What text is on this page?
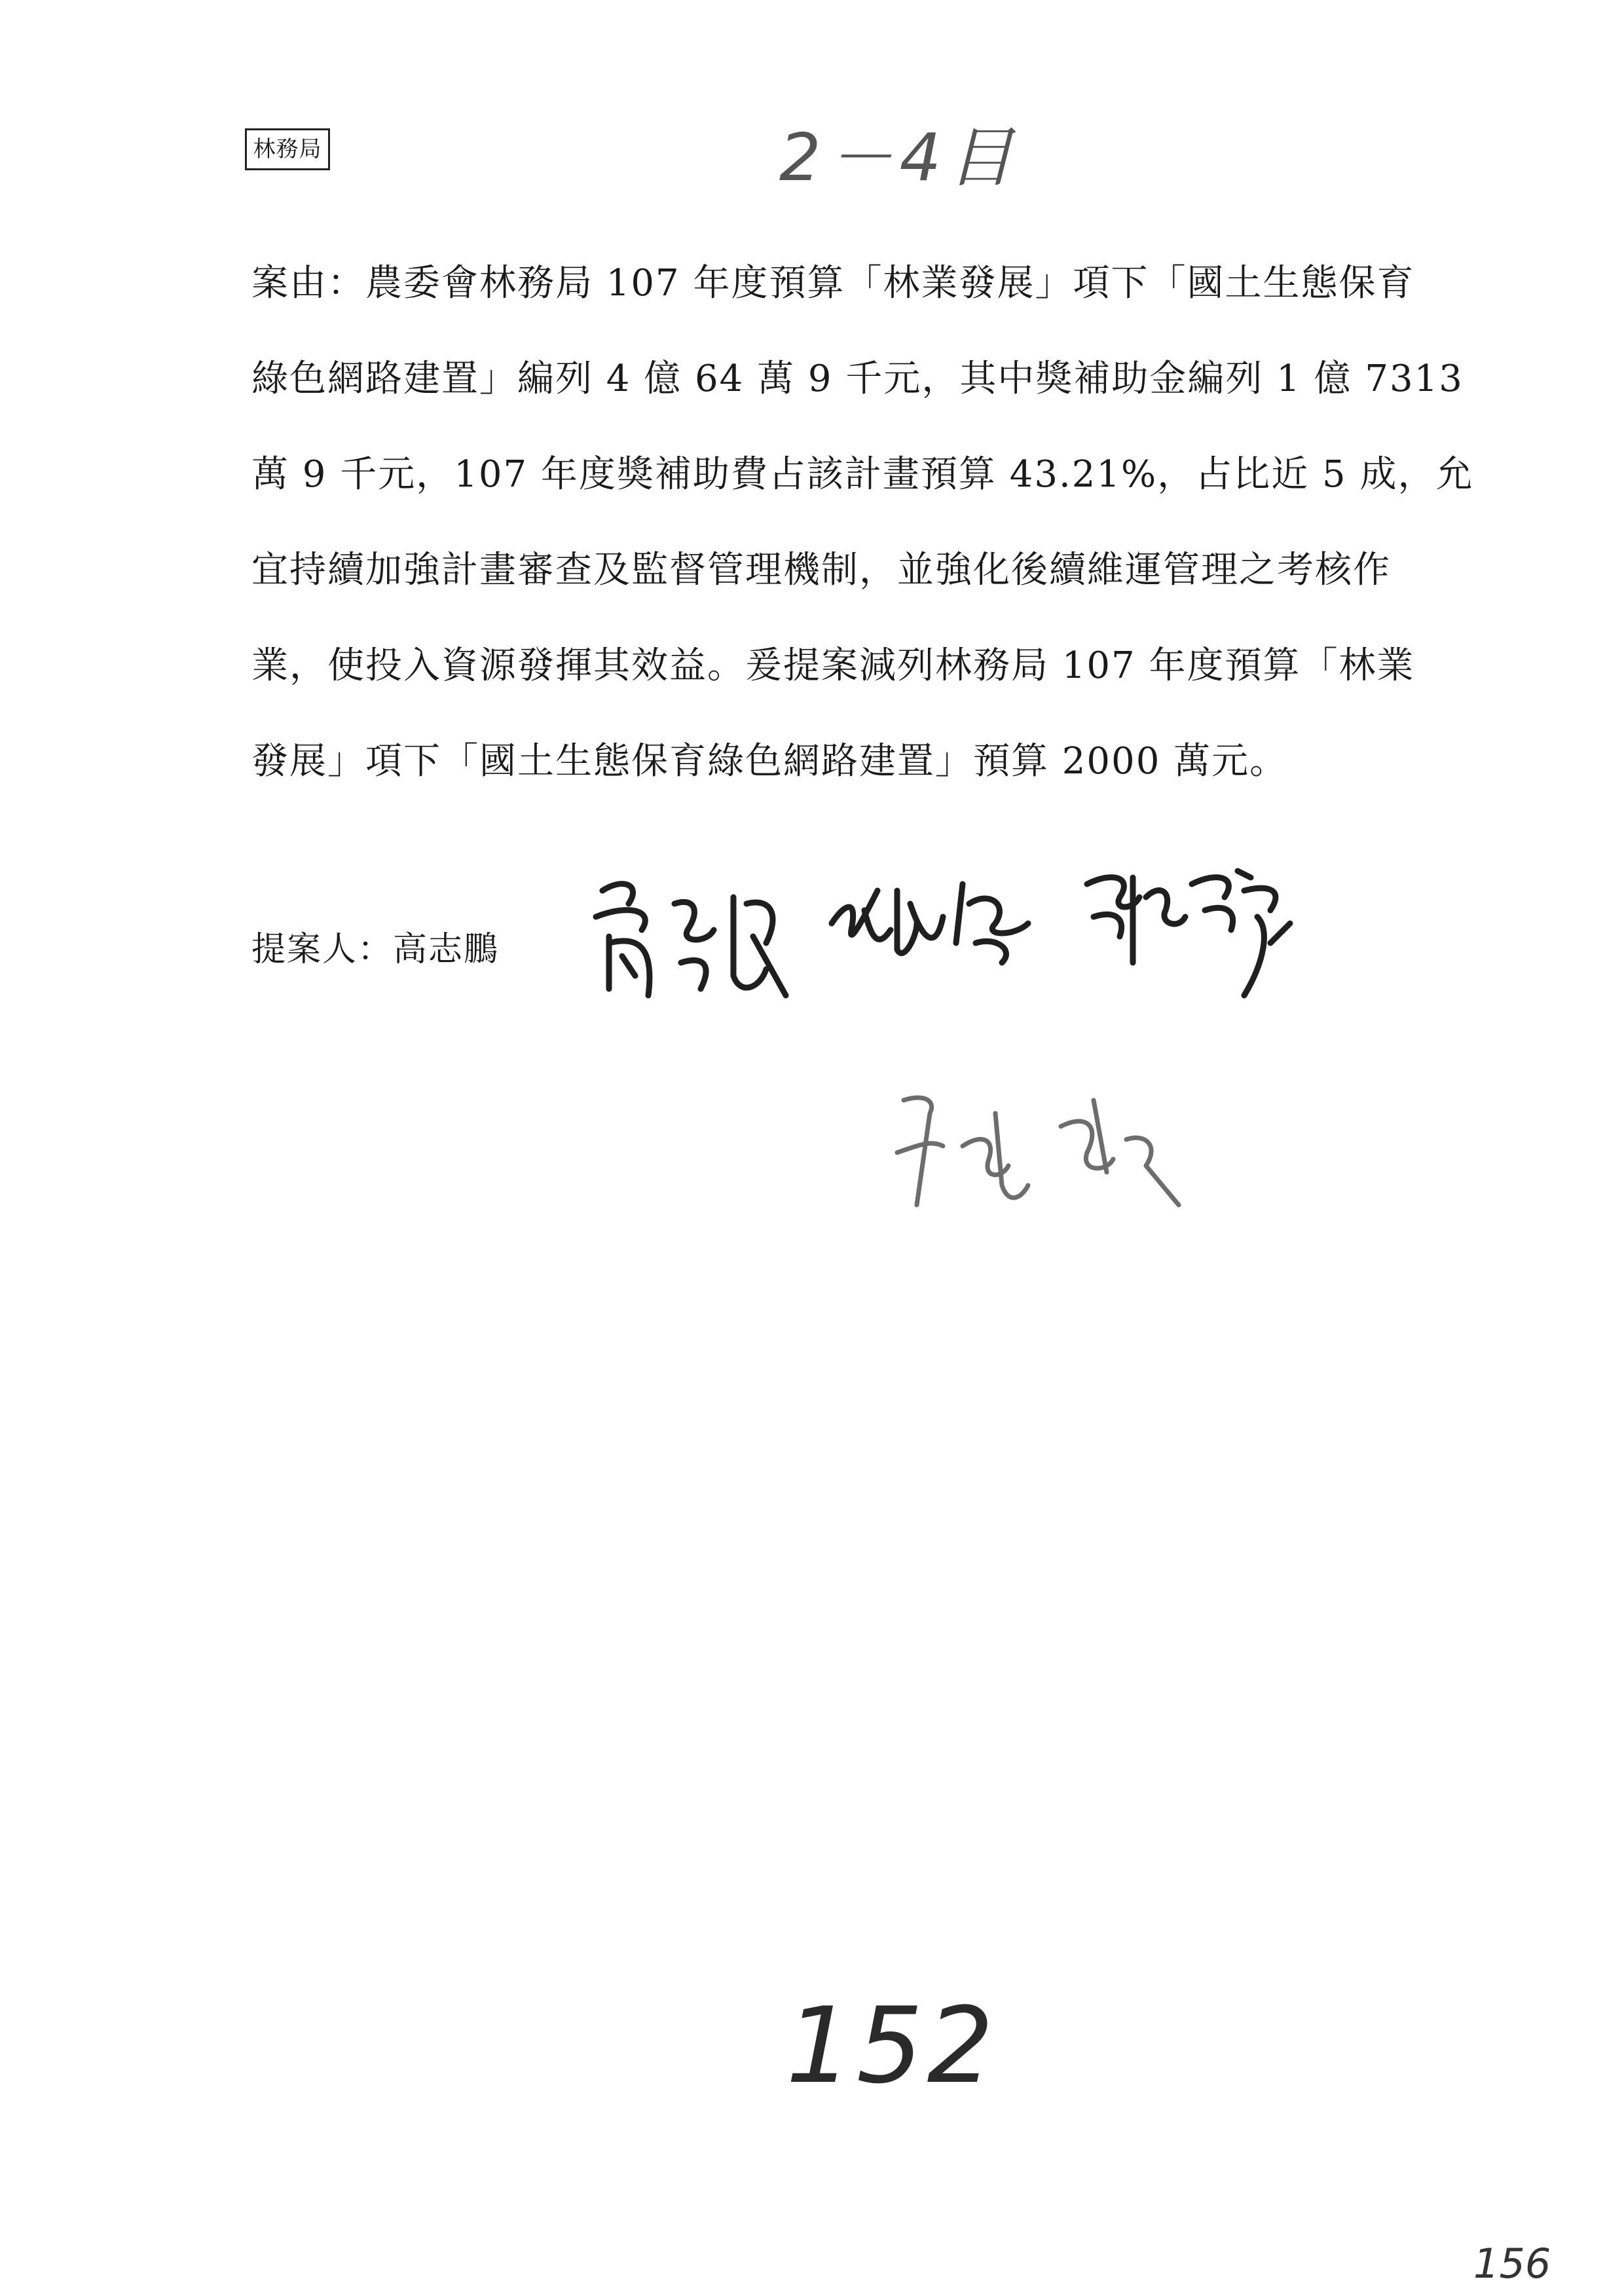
林務局	2－4目
案由：農委會林務局 107 年度預算「林業發展」項下「國土生態保育
綠色網路建置」編列 4 億 64 萬 9 千元，其中獎補助金編列 1 億 7313
萬 9 千元，107 年度獎補助費占該計畫預算 43.21%，占比近 5 成，允
宜持續加強計畫審查及監督管理機制，並強化後續維運管理之考核作
業，使投入資源發揮其效益。爰提案減列林務局 107 年度預算「林業
發展」項下「國土生態保育綠色網路建置」預算 2000 萬元。
提案人：高志鵬
152
156
